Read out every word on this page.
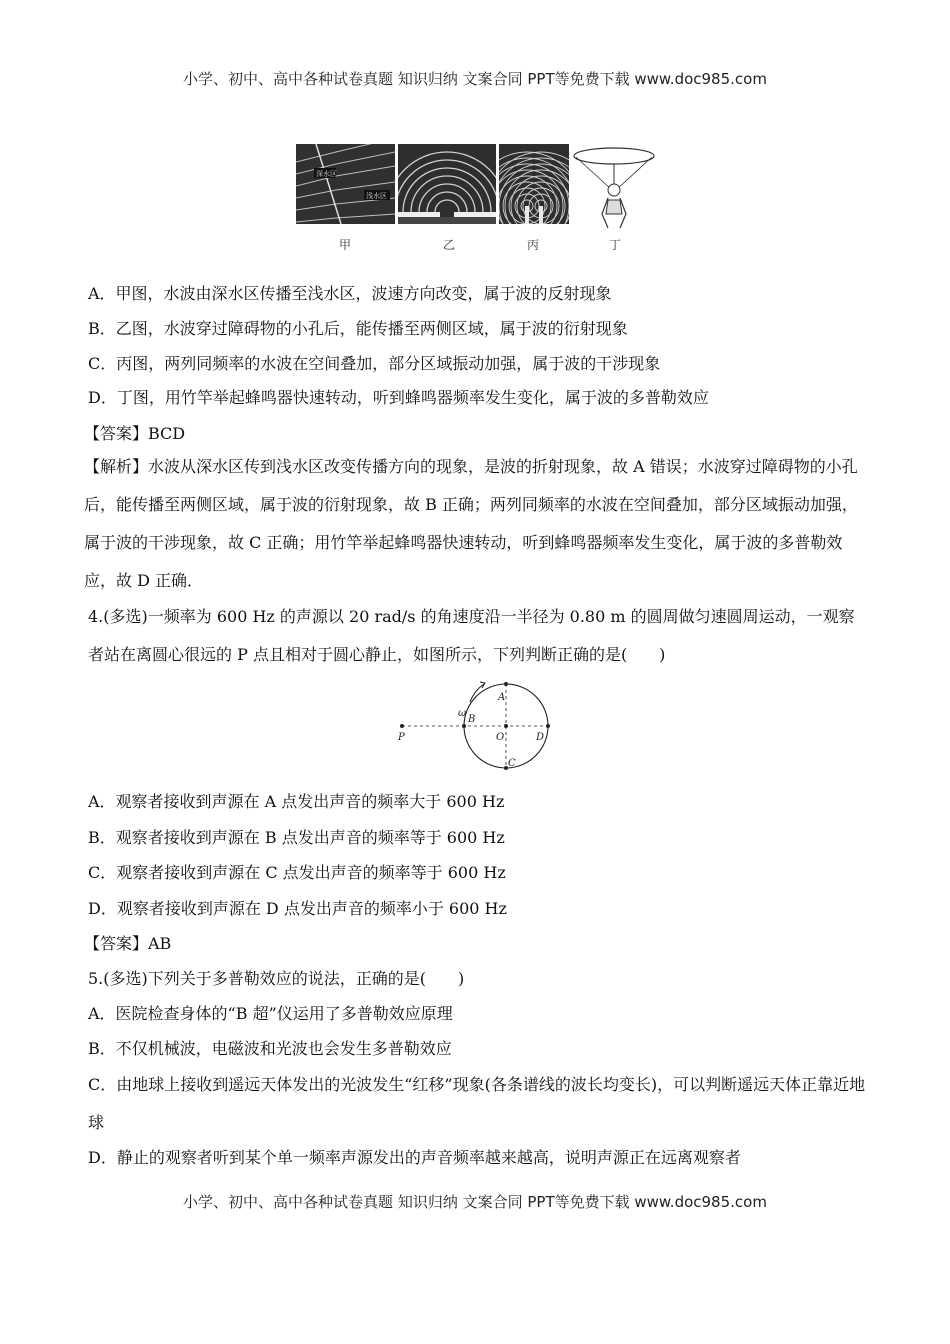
小学、初中、高中各种试卷真题 知识归纳 文案合同 PPT等免费下载 www.doc985.com
深水区
浅水区
甲	乙	丙	丁
A．甲图，水波由深水区传播至浅水区，波速方向改变，属于波的反射现象
B．乙图，水波穿过障碍物的小孔后，能传播至两侧区域，属于波的衍射现象
C．丙图，两列同频率的水波在空间叠加，部分区域振动加强，属于波的干涉现象
D．丁图，用竹竿举起蜂鸣器快速转动，听到蜂鸣器频率发生变化，属于波的多普勒效应
【答案】BCD
【解析】水波从深水区传到浅水区改变传播方向的现象，是波的折射现象，故 A 错误；水波穿过障碍物的小孔后，能传播至两侧区域，属于波的衍射现象，故 B 正确；两列同频率的水波在空间叠加，部分区域振动加强，属于波的干涉现象，故 C 正确；用竹竿举起蜂鸣器快速转动，听到蜂鸣器频率发生变化，属于波的多普勒效应，故 D 正确．
4.(多选)一频率为 600 Hz 的声源以 20 rad/s 的角速度沿一半径为 0.80 m 的圆周做匀速圆周运动，一观察者站在离圆心很远的 P 点且相对于圆心静止，如图所示，下列判断正确的是(　　)
P
B
O	D
A
C
ω
A．观察者接收到声源在 A 点发出声音的频率大于 600 Hz
B．观察者接收到声源在 B 点发出声音的频率等于 600 Hz
C．观察者接收到声源在 C 点发出声音的频率等于 600 Hz
D．观察者接收到声源在 D 点发出声音的频率小于 600 Hz
【答案】AB
5.(多选)下列关于多普勒效应的说法，正确的是(　　)
A．医院检查身体的“B 超”仪运用了多普勒效应原理
B．不仅机械波，电磁波和光波也会发生多普勒效应
C．由地球上接收到遥远天体发出的光波发生“红移”现象(各条谱线的波长均变长)，可以判断遥远天体正靠近地球
D．静止的观察者听到某个单一频率声源发出的声音频率越来越高，说明声源正在远离观察者
小学、初中、高中各种试卷真题 知识归纳 文案合同 PPT等免费下载 www.doc985.com
